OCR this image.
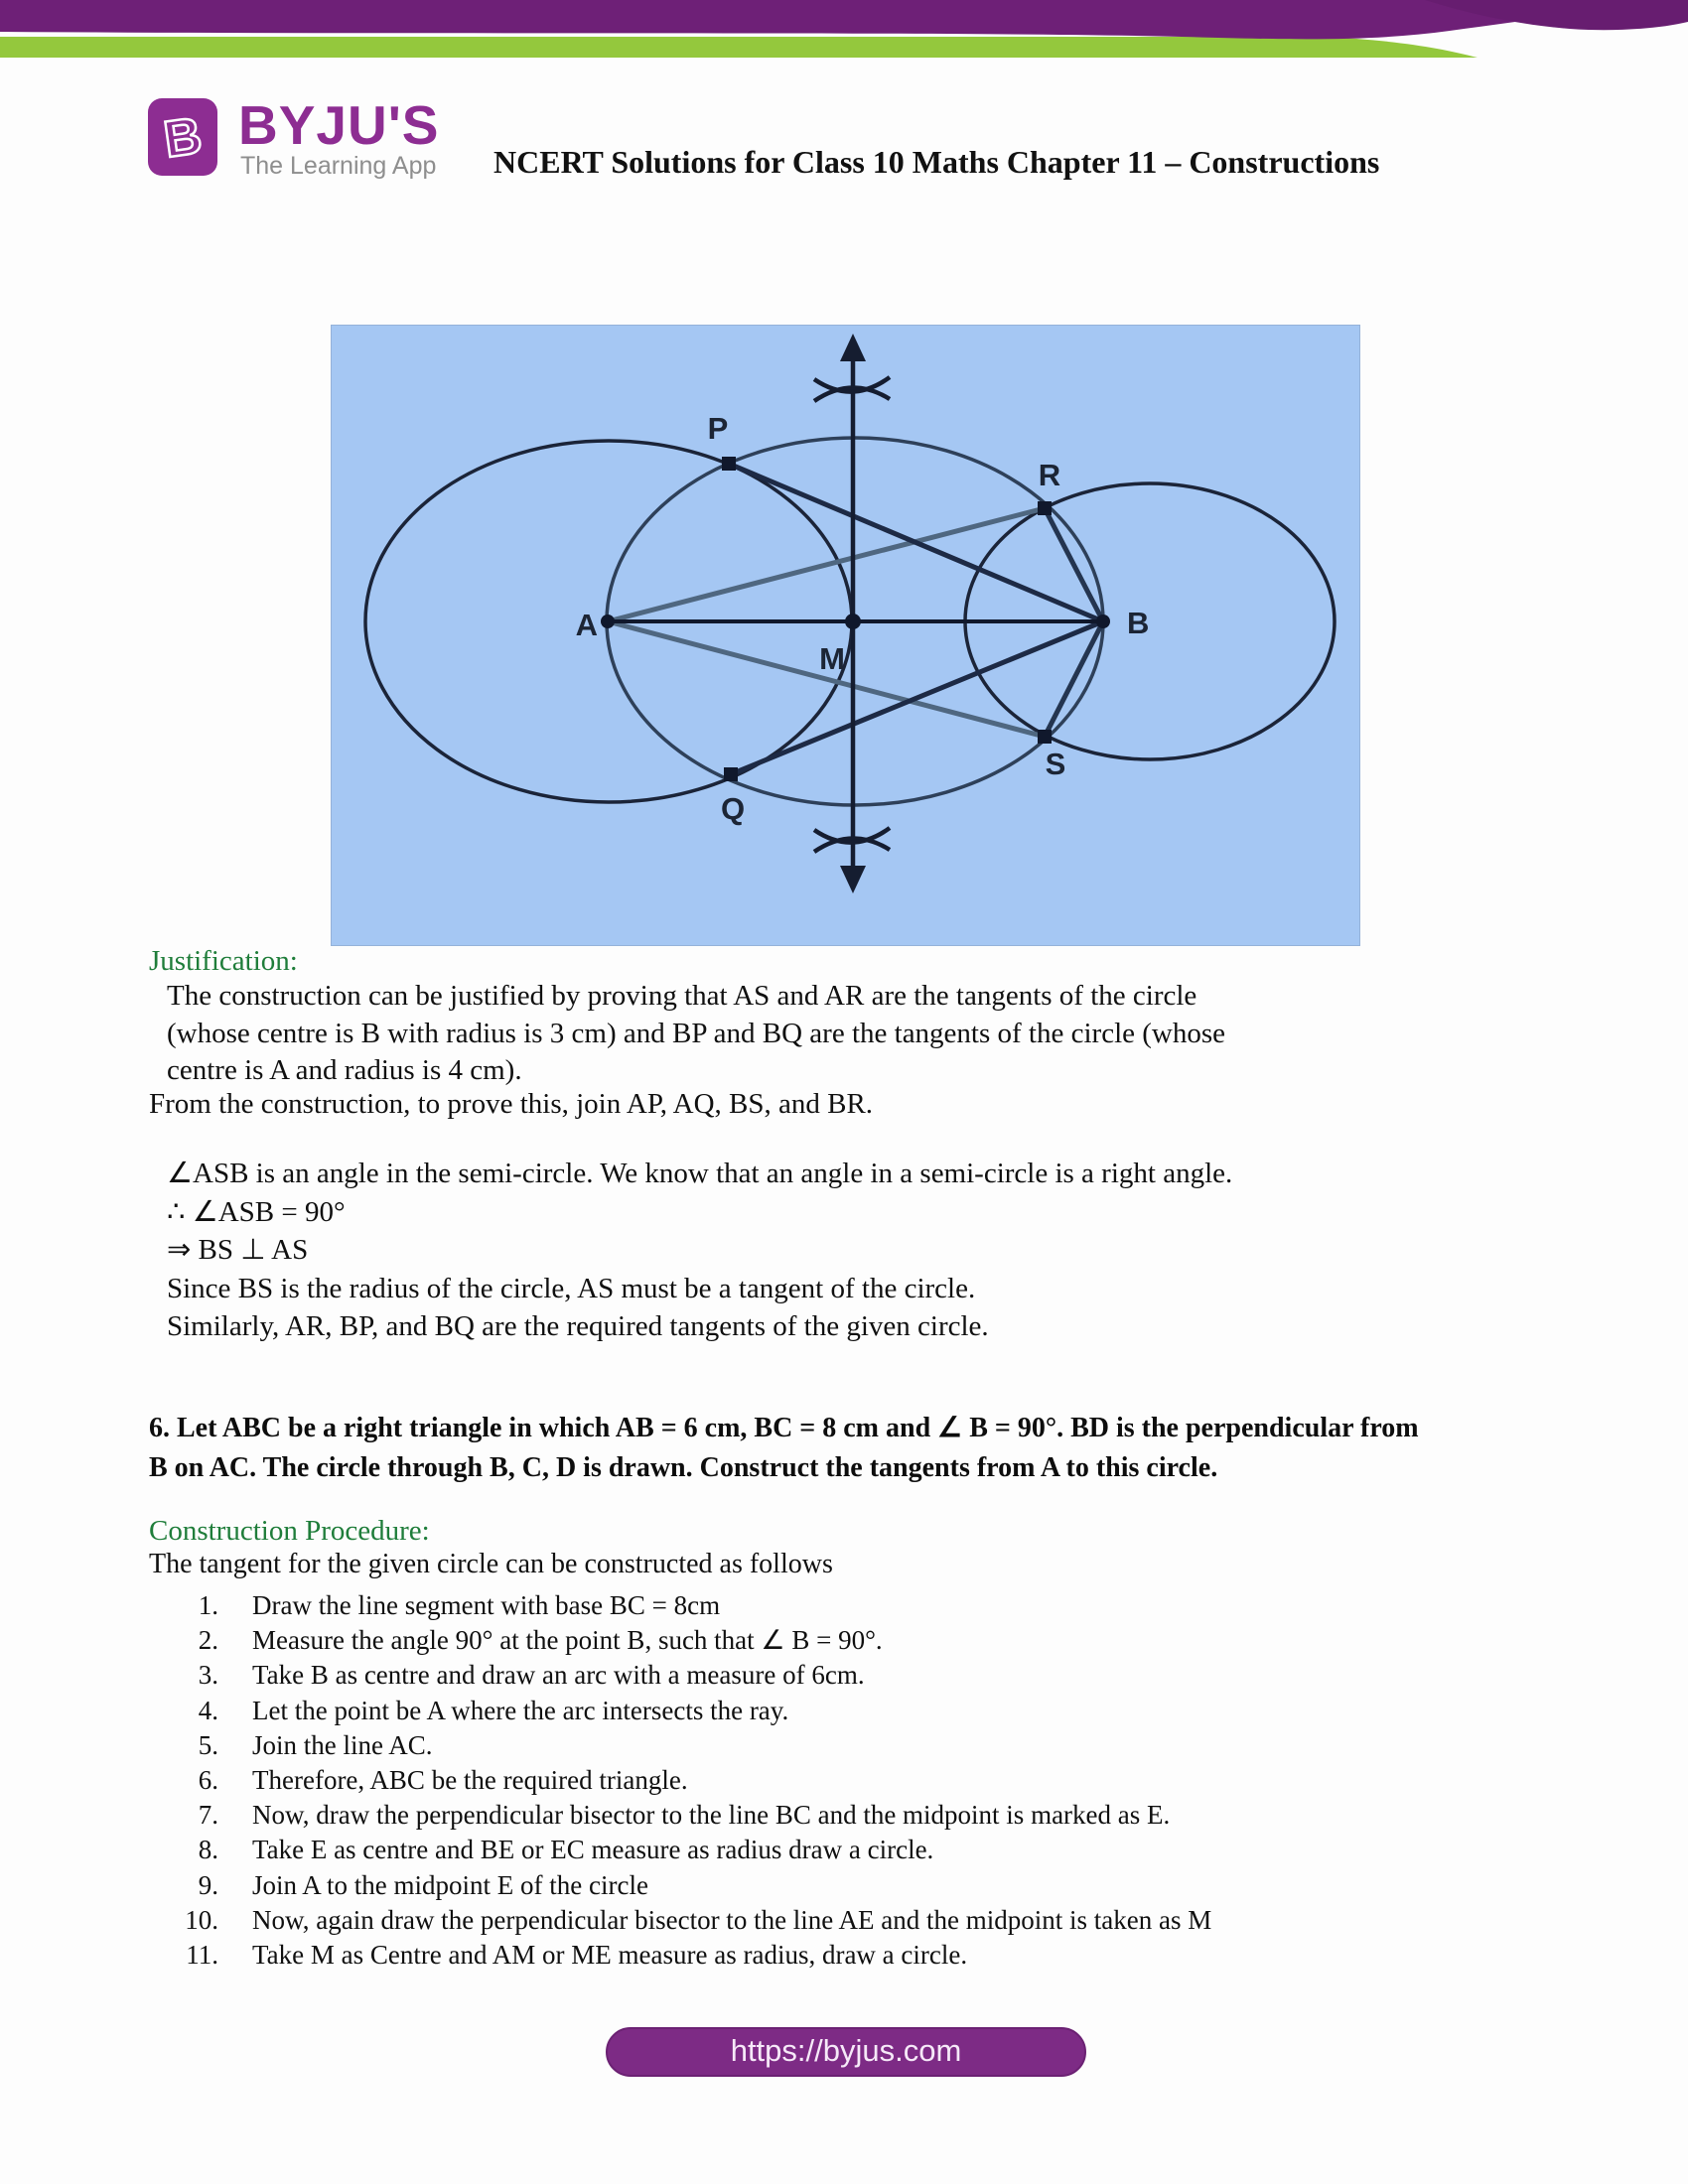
B BYJU'S
The Learning App NCERT Solutions for Class 10 Maths Chapter 11 – Constructions
A
M
B
P
Q
R
S
Justification:
The construction can be justified by proving that AS and AR are the tangents of the circle
(whose centre is B with radius is 3 cm) and BP and BQ are the tangents of the circle (whose
centre is A and radius is 4 cm).
From the construction, to prove this, join AP, AQ, BS, and BR.
∠ASB is an angle in the semi-circle. We know that an angle in a semi-circle is a right angle.
∴ ∠ASB = 90°
⇒ BS ⊥ AS
Since BS is the radius of the circle, AS must be a tangent of the circle.
Similarly, AR, BP, and BQ are the required tangents of the given circle.
6. Let ABC be a right triangle in which AB = 6 cm, BC = 8 cm and ∠ B = 90°. BD is the perpendicular from
B on AC. The circle through B, C, D is drawn. Construct the tangents from A to this circle.
Construction Procedure:
The tangent for the given circle can be constructed as follows
1. Draw the line segment with base BC = 8cm
2. Measure the angle 90° at the point B, such that ∠ B = 90°.
3. Take B as centre and draw an arc with a measure of 6cm.
4. Let the point be A where the arc intersects the ray.
5. Join the line AC.
6. Therefore, ABC be the required triangle.
7. Now, draw the perpendicular bisector to the line BC and the midpoint is marked as E.
8. Take E as centre and BE or EC measure as radius draw a circle.
9. Join A to the midpoint E of the circle
10. Now, again draw the perpendicular bisector to the line AE and the midpoint is taken as M
11. Take M as Centre and AM or ME measure as radius, draw a circle.
https://byjus.com
